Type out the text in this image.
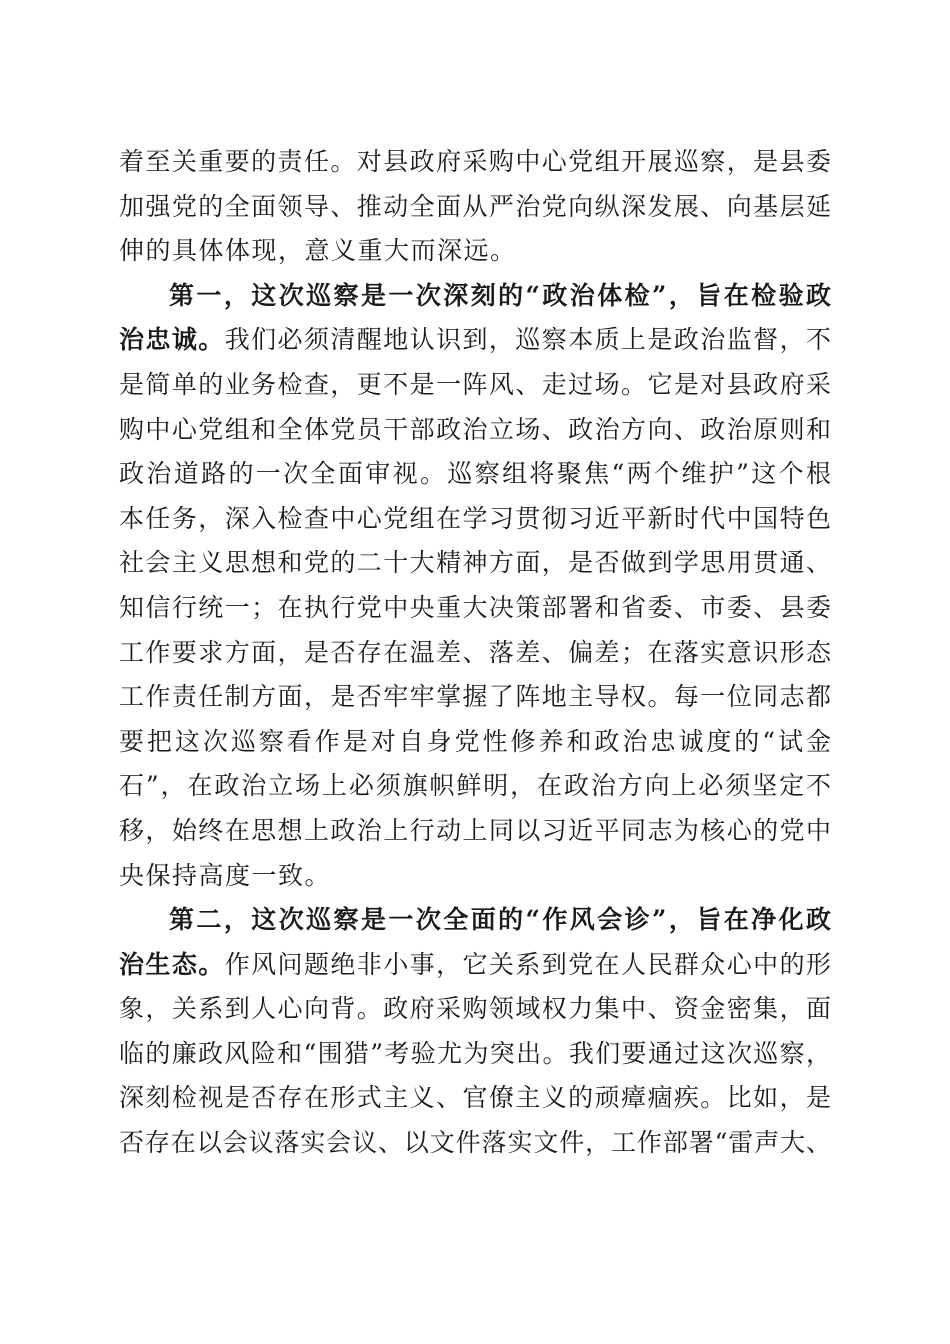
着至关重要的责任。对县政府采购中心党组开展巡察，是县委
加强党的全面领导、推动全面从严治党向纵深发展、向基层延
伸的具体体现，意义重大而深远。
第一，这次巡察是一次深刻的“政治体检”，旨在检验政
治忠诚。我们必须清醒地认识到，巡察本质上是政治监督，不
是简单的业务检查，更不是一阵风、走过场。它是对县政府采
购中心党组和全体党员干部政治立场、政治方向、政治原则和
政治道路的一次全面审视。巡察组将聚焦“两个维护”这个根
本任务，深入检查中心党组在学习贯彻习近平新时代中国特色
社会主义思想和党的二十大精神方面，是否做到学思用贯通、
知信行统一；在执行党中央重大决策部署和省委、市委、县委
工作要求方面，是否存在温差、落差、偏差；在落实意识形态
工作责任制方面，是否牢牢掌握了阵地主导权。每一位同志都
要把这次巡察看作是对自身党性修养和政治忠诚度的“试金
石”，在政治立场上必须旗帜鲜明，在政治方向上必须坚定不
移，始终在思想上政治上行动上同以习近平同志为核心的党中
央保持高度一致。
第二，这次巡察是一次全面的“作风会诊”，旨在净化政
治生态。作风问题绝非小事，它关系到党在人民群众心中的形
象，关系到人心向背。政府采购领域权力集中、资金密集，面
临的廉政风险和“围猎”考验尤为突出。我们要通过这次巡察，
深刻检视是否存在形式主义、官僚主义的顽瘴痼疾。比如，是
否存在以会议落实会议、以文件落实文件，工作部署“雷声大、
